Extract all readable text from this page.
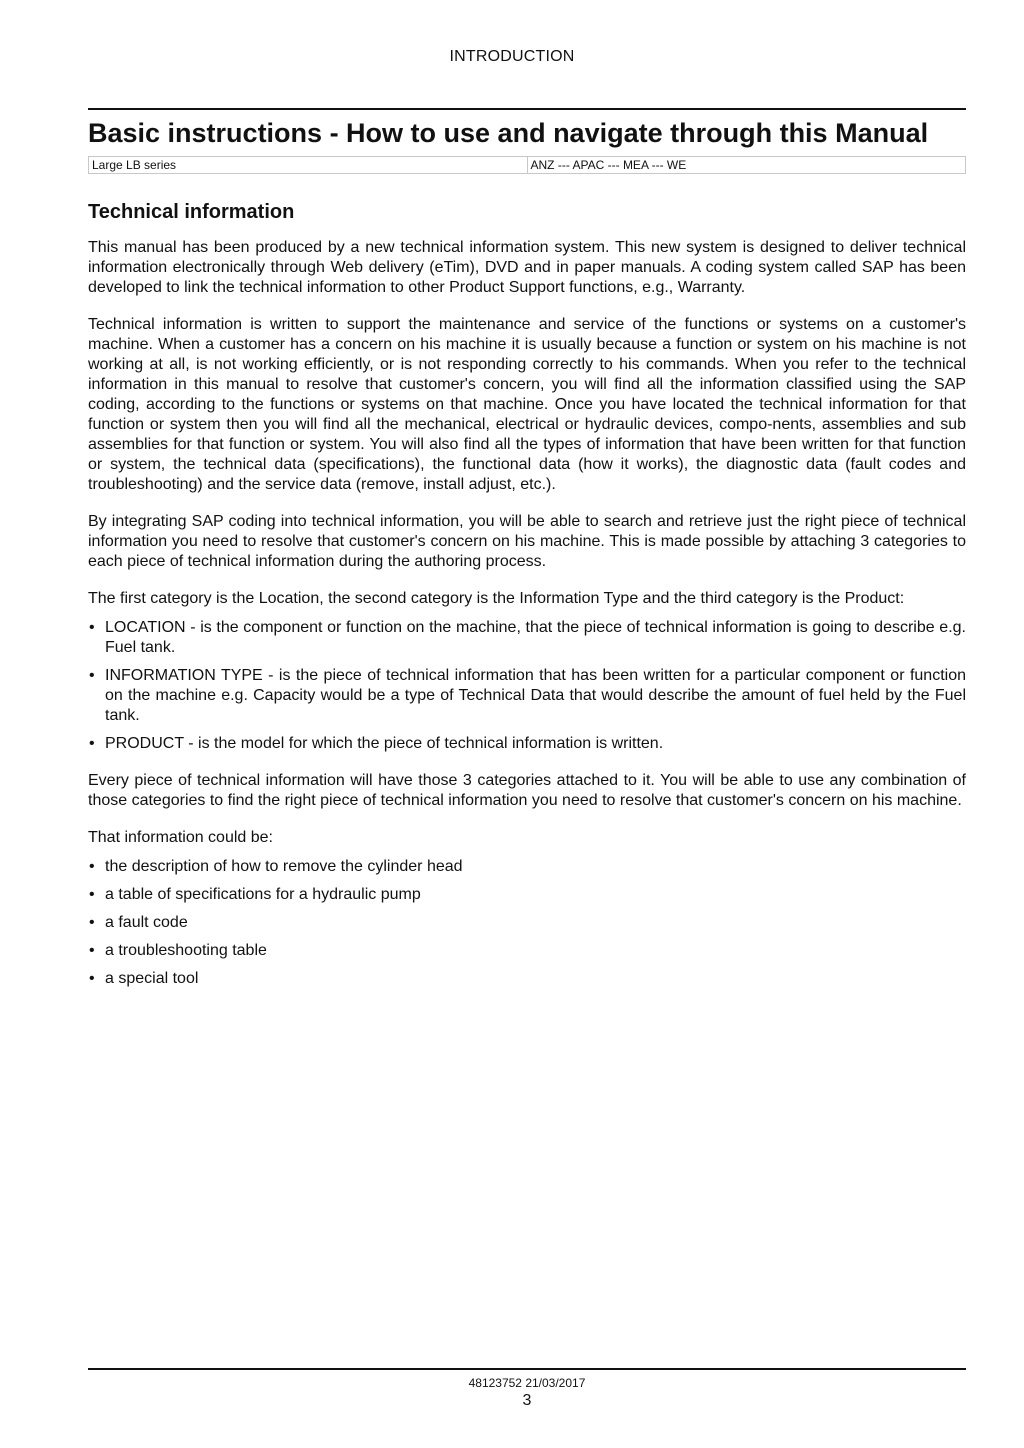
INTRODUCTION
Basic instructions - How to use and navigate through this Manual
Large LB series	ANZ --- APAC --- MEA --- WE
Technical information

This manual has been produced by a new technical information system. This new system is designed to deliver technical information electronically through Web delivery (eTim), DVD and in paper manuals. A coding system called SAP has been developed to link the technical information to other Product Support functions, e.g., Warranty.

Technical information is written to support the maintenance and service of the functions or systems on a customer's machine. When a customer has a concern on his machine it is usually because a function or system on his machine is not working at all, is not working efficiently, or is not responding correctly to his commands. When you refer to the technical information in this manual to resolve that customer's concern, you will find all the information classified using the SAP coding, according to the functions or systems on that machine. Once you have located the technical information for that function or system then you will find all the mechanical, electrical or hydraulic devices, compo-nents, assemblies and sub assemblies for that function or system. You will also find all the types of information that have been written for that function or system, the technical data (specifications), the functional data (how it works), the diagnostic data (fault codes and troubleshooting) and the service data (remove, install adjust, etc.).

By integrating SAP coding into technical information, you will be able to search and retrieve just the right piece of technical information you need to resolve that customer's concern on his machine. This is made possible by attaching 3 categories to each piece of technical information during the authoring process.

The first category is the Location, the second category is the Information Type and the third category is the Product:

• LOCATION - is the component or function on the machine, that the piece of technical information is going to describe e.g. Fuel tank.
• INFORMATION TYPE - is the piece of technical information that has been written for a particular component or function on the machine e.g. Capacity would be a type of Technical Data that would describe the amount of fuel held by the Fuel tank.
• PRODUCT - is the model for which the piece of technical information is written.

Every piece of technical information will have those 3 categories attached to it. You will be able to use any combination of those categories to find the right piece of technical information you need to resolve that customer's concern on his machine.

That information could be:

• the description of how to remove the cylinder head
• a table of specifications for a hydraulic pump
• a fault code
• a troubleshooting table
• a special tool
48123752 21/03/2017
3
